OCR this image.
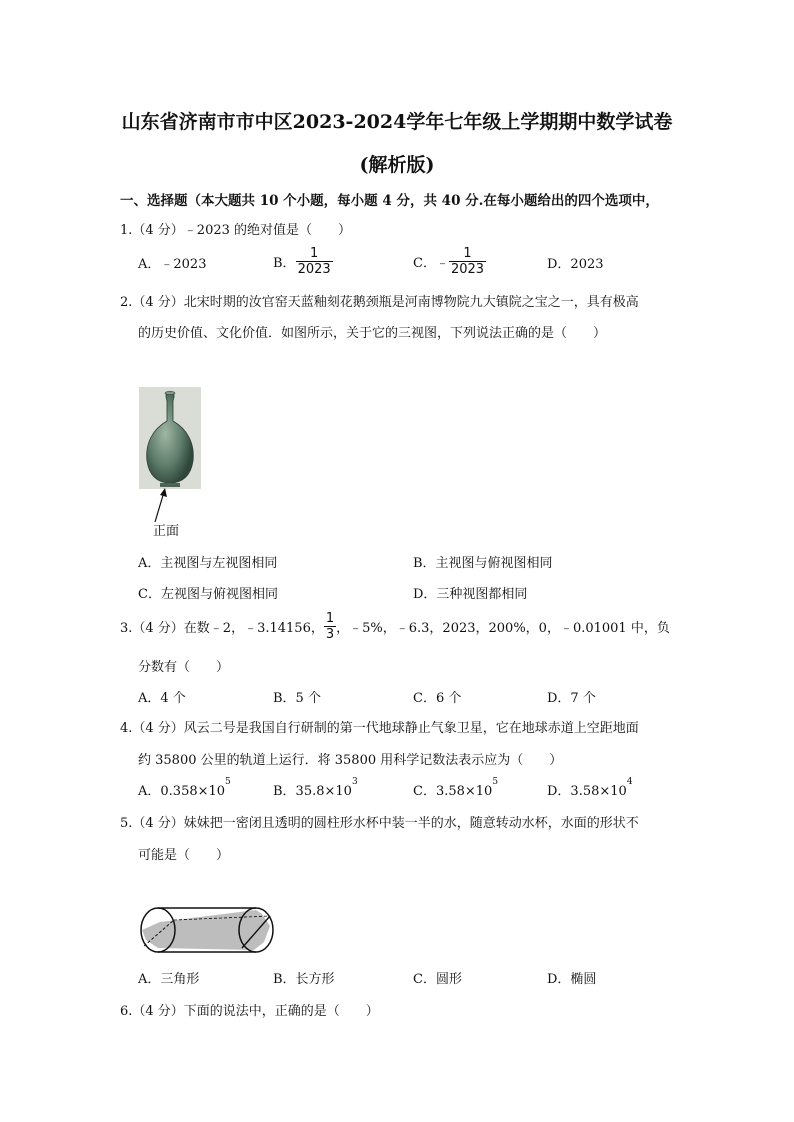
山东省济南市市中区2023-2024学年七年级上学期期中数学试卷
(解析版)
一、选择题（本大题共 10 个小题，每小题 4 分，共 40 分.在每小题给出的四个选项中，
1.（4 分）﹣2023 的绝对值是（　　）
A．﹣2023	B． $\frac{1}{2023}$	C．﹣ $\frac{1}{2023}$	D．2023
2.（4 分）北宋时期的汝官窑天蓝釉刻花鹅颈瓶是河南博物院九大镇院之宝之一，具有极高
的历史价值、文化价值．如图所示，关于它的三视图，下列说法正确的是（　　）
正面
A．主视图与左视图相同	B．主视图与俯视图相同
C．左视图与俯视图相同	D．三种视图都相同
3.（4 分）在数﹣2，﹣3.14156， $\frac{1}{3}$ ，﹣5%，﹣6.3，2023，200%，0，﹣0.01001 中，负
分数有（　　）
A．4 个	B．5 个	C．6 个	D．7 个
4.（4 分）风云二号是我国自行研制的第一代地球静止气象卫星，它在地球赤道上空距地面
约 35800 公里的轨道上运行．将 35800 用科学记数法表示应为（　　）
A．$0.358\times 10^5$
B．$35.8\times 10^3$
C．$3.58\times 10^5$
D．$3.58\times 10^4$
5.（4 分）妹妹把一密闭且透明的圆柱形水杯中装一半的水，随意转动水杯，水面的形状不
可能是（　　）
A．三角形	B．长方形	C．圆形	D．椭圆
6.（4 分）下面的说法中，正确的是（　　）
